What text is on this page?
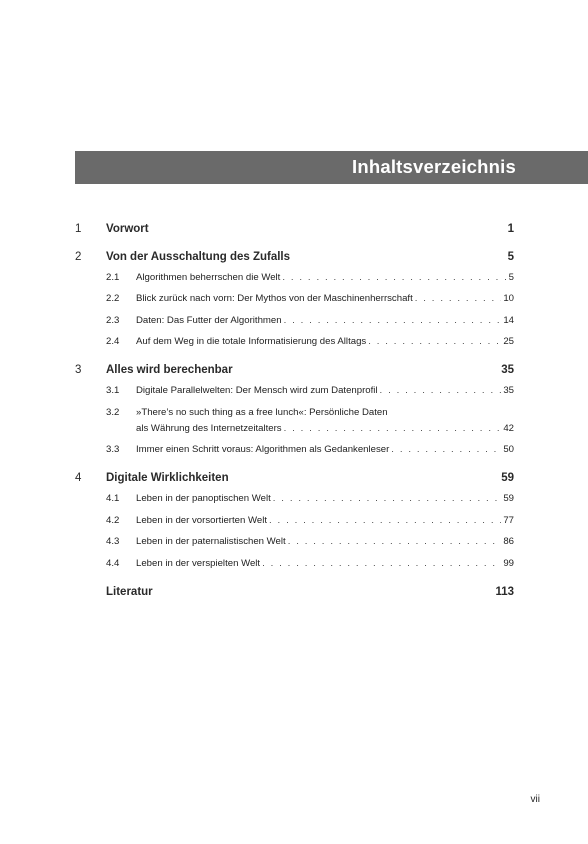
Inhaltsverzeichnis
1 Vorwort	1
2 Von der Ausschaltung des Zufalls	5
2.1 Algorithmen beherrschen die Welt . . .	5
2.2 Blick zurück nach vorn: Der Mythos von der Maschinenherrschaft . . .	10
2.3 Daten: Das Futter der Algorithmen . . .	14
2.4 Auf dem Weg in die totale Informatisierung des Alltags . . .	25
3 Alles wird berechenbar	35
3.1 Digitale Parallelwelten: Der Mensch wird zum Datenprofil . . .	35
3.2 »There’s no such thing as a free lunch«: Persönliche Daten
als Währung des Internetzeitalters . . .	42
3.3 Immer einen Schritt voraus: Algorithmen als Gedankenleser . . .	50
4 Digitale Wirklichkeiten	59
4.1 Leben in der panoptischen Welt . . .	59
4.2 Leben in der vorsortierten Welt . . .	77
4.3 Leben in der paternalistischen Welt . . .	86
4.4 Leben in der verspielten Welt . . .	99
Literatur	113
vii
